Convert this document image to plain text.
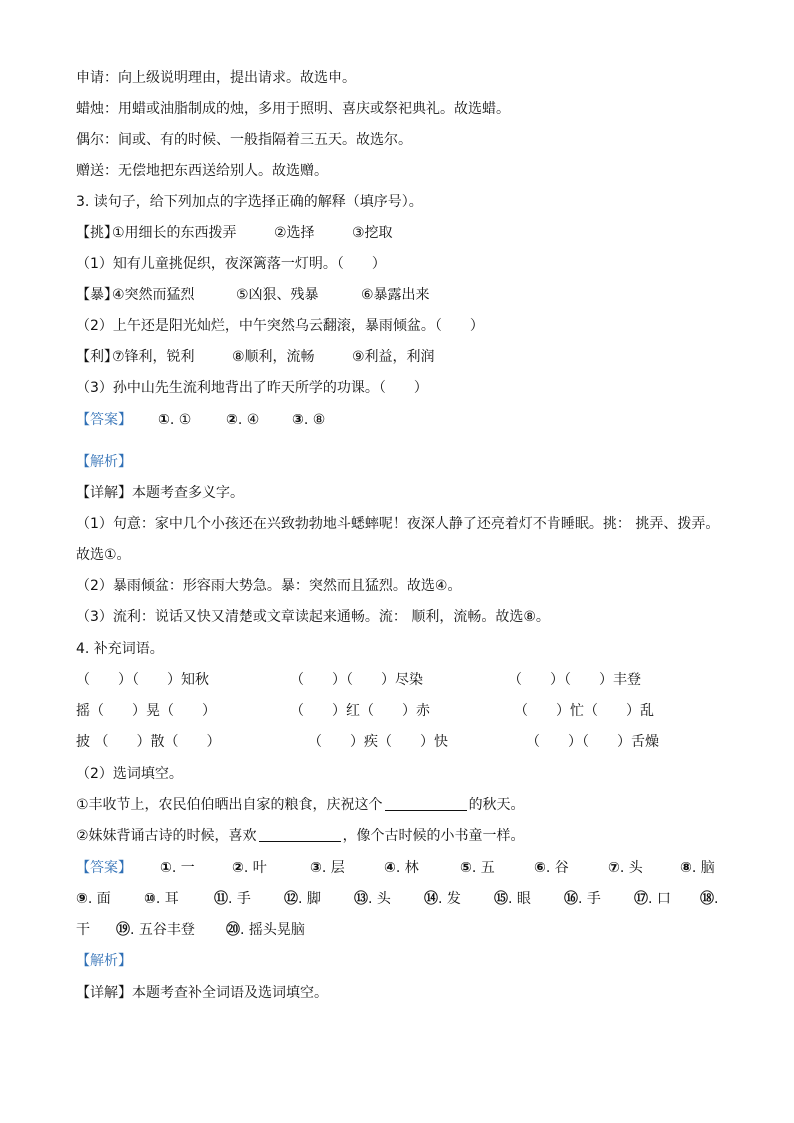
申请：向上级说明理由，提出请求。故选申。
蜡烛：用蜡或油脂制成的烛，多用于照明、喜庆或祭祀典礼。故选蜡。
偶尔：间或、有的时候、一般指隔着三五天。故选尔。
赠送：无偿地把东西送给别人。故选赠。
3. 读句子，给下列加点的字选择正确的解释（填序号）。
【挑】
①用细长的东西拨弄	②选择	③挖取
（1）知有儿童挑促织，夜深篱落一灯明。（　　）
【暴】
④突然而猛烈	⑤凶狠、残暴	⑥暴露出来
（2）上午还是阳光灿烂，中午突然乌云翻滚，暴雨倾盆。（　　）
【利】
⑦锋利，锐利	⑧顺利，流畅	⑨利益，利润
（3）孙中山先生流利地背出了昨天所学的功课。（　　）
【答案】 ①. ① ②. ④ ③. ⑧
【解析】
【详解】本题考查多义字。
（1）句意：家中几个小孩还在兴致勃勃地斗蟋蟀呢！夜深人静了还亮着灯不肯睡眠。挑： 挑弄、拨弄。
故选①。
（2）暴雨倾盆：形容雨大势急。暴：突然而且猛烈。故选④。
（3）流利：说话又快又清楚或文章读起来通畅。流： 顺利，流畅。故选⑧。
4. 补充词语。
（　　）（　　）知秋	（　　）（　　）尽染	（　　）（　　）丰登
摇（　　）晃（　　）	（　　）红（　　）赤	（　　）忙（　　）乱
披 （　　）散（　　）	（　　）疾（　　）快	（　　）（　　）舌燥
（2）选词填空。
①丰收节上，农民伯伯晒出自家的粮食，庆祝这个	的秋天。
②妹妹背诵古诗的时候，喜欢	，像个古时候的小书童一样。
【答案】 ①. 一	②. 叶	③. 层	④. 林	⑤. 五	⑥. 谷	⑦. 头	⑧. 脑
⑨. 面 ⑩. 耳	⑪. 手 ⑫. 脚 ⑬. 头 ⑭. 发 ⑮. 眼 ⑯. 手 ⑰. 口 ⑱.
干 ⑲. 五谷丰登 ⑳. 摇头晃脑
【解析】
【详解】本题考查补全词语及选词填空。
